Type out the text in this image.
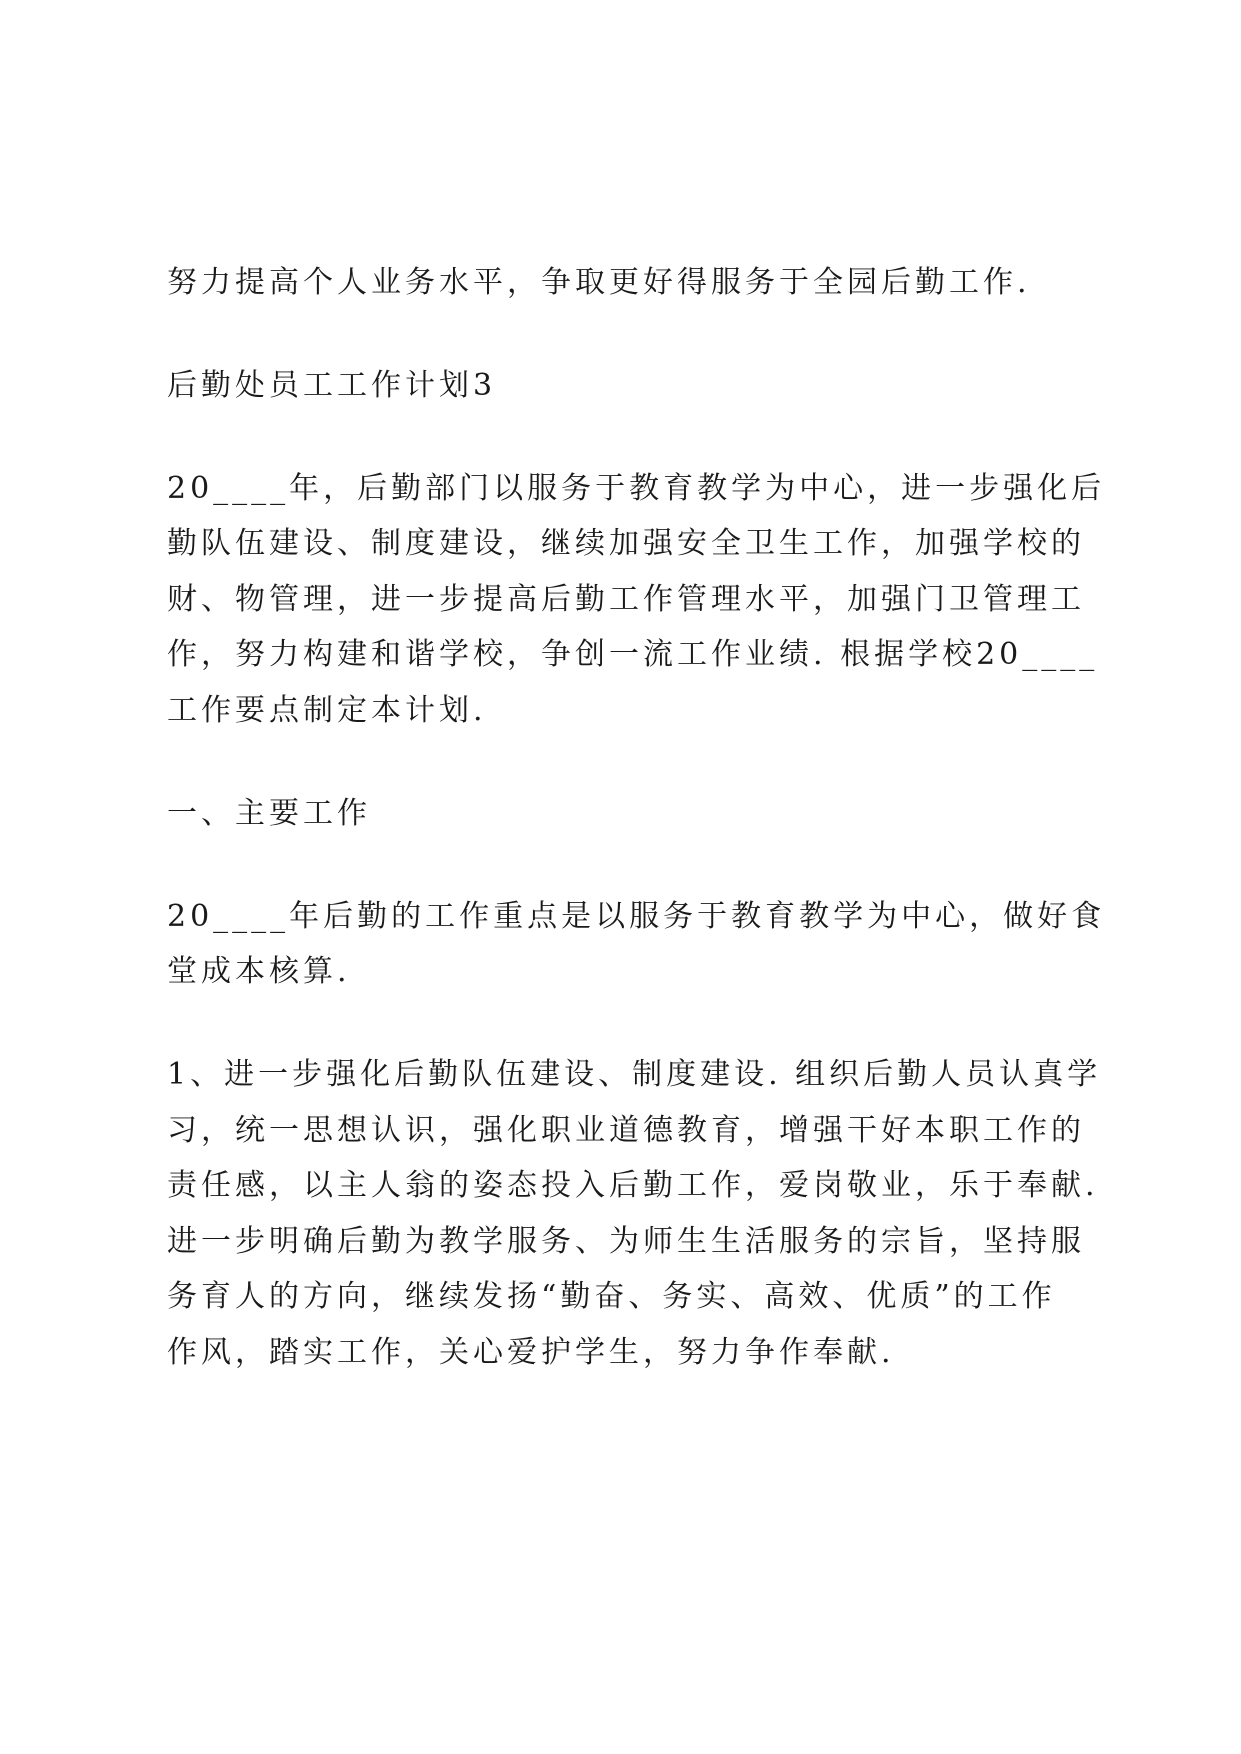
努力提高个人业务水平，争取更好得服务于全园后勤工作.
后勤处员工工作计划3
20____年，后勤部门以服务于教育教学为中心，进一步强化后
勤队伍建设、制度建设，继续加强安全卫生工作，加强学校的
财、物管理，进一步提高后勤工作管理水平，加强门卫管理工
作，努力构建和谐学校，争创一流工作业绩. 根据学校20____
工作要点制定本计划.
一、主要工作
20____年后勤的工作重点是以服务于教育教学为中心，做好食
堂成本核算.
1、进一步强化后勤队伍建设、制度建设. 组织后勤人员认真学
习，统一思想认识，强化职业道德教育，增强干好本职工作的
责任感，以主人翁的姿态投入后勤工作，爱岗敬业，乐于奉献.
进一步明确后勤为教学服务、为师生生活服务的宗旨，坚持服
务育人的方向，继续发扬“勤奋、务实、高效、优质”的工作
作风，踏实工作，关心爱护学生，努力争作奉献.
